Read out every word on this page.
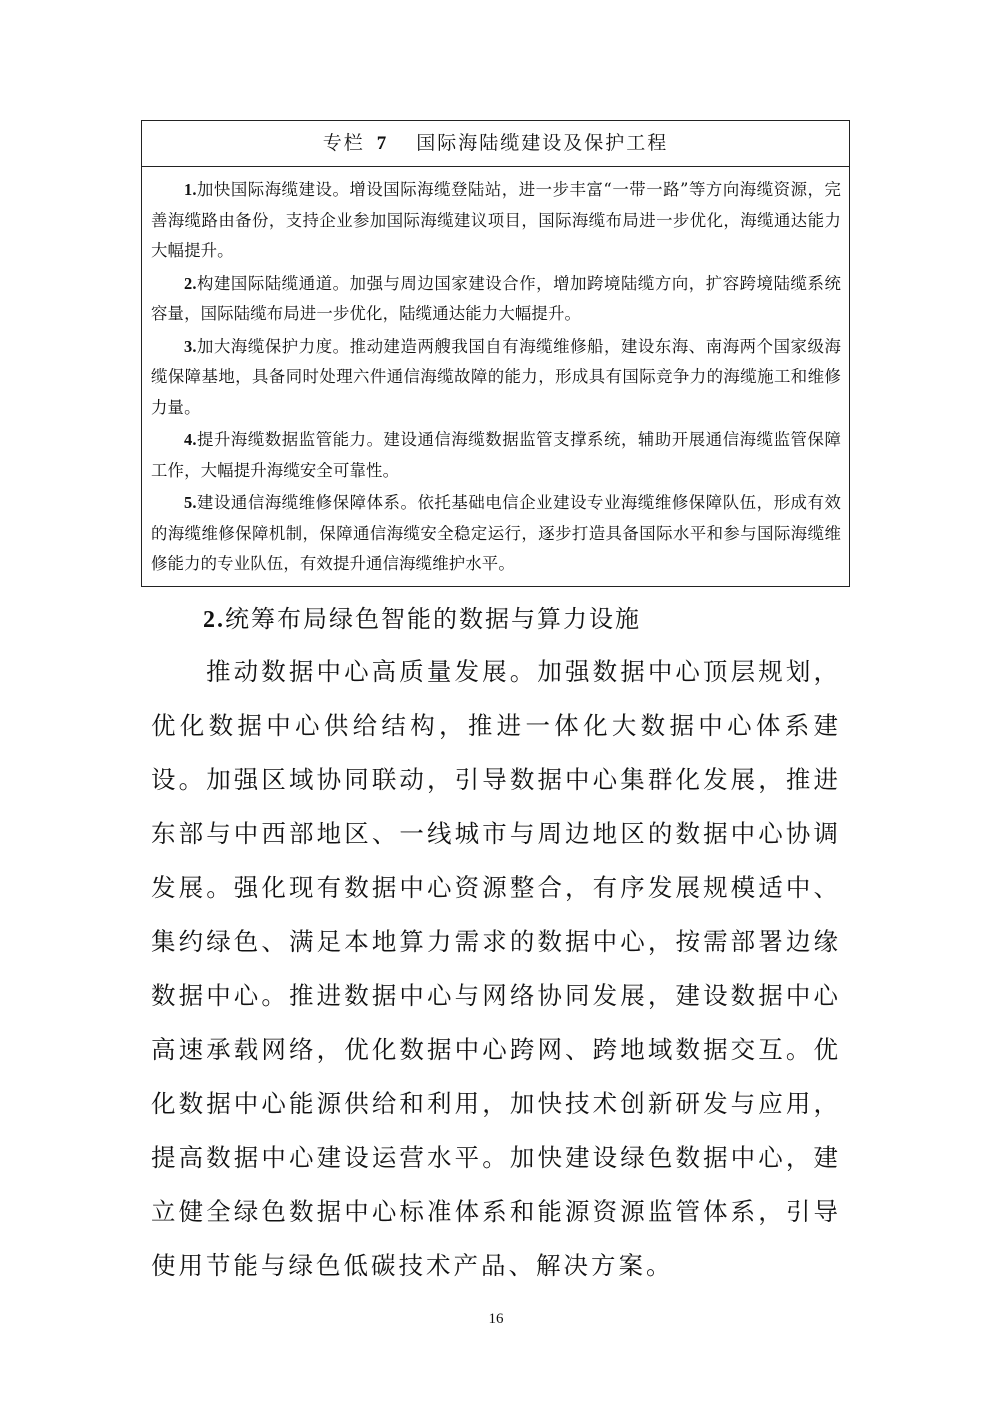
专栏 7 国际海陆缆建设及保护工程

1.加快国际海缆建设。增设国际海缆登陆站，进一步丰富“一带一路”等方向海缆资源，完善海缆路由备份，支持企业参加国际海缆建议项目，国际海缆布局进一步优化，海缆通达能力大幅提升。

2.构建国际陆缆通道。加强与周边国家建设合作，增加跨境陆缆方向，扩容跨境陆缆系统容量，国际陆缆布局进一步优化，陆缆通达能力大幅提升。

3.加大海缆保护力度。推动建造两艘我国自有海缆维修船，建设东海、南海两个国家级海缆保障基地，具备同时处理六件通信海缆故障的能力，形成具有国际竞争力的海缆施工和维修力量。

4.提升海缆数据监管能力。建设通信海缆数据监管支撑系统，辅助开展通信海缆监管保障工作，大幅提升海缆安全可靠性。

5.建设通信海缆维修保障体系。依托基础电信企业建设专业海缆维修保障队伍，形成有效的海缆维修保障机制，保障通信海缆安全稳定运行，逐步打造具备国际水平和参与国际海缆维修能力的专业队伍，有效提升通信海缆维护水平。

2.统筹布局绿色智能的数据与算力设施

推动数据中心高质量发展。加强数据中心顶层规划，优化数据中心供给结构，推进一体化大数据中心体系建设。加强区域协同联动，引导数据中心集群化发展，推进东部与中西部地区、一线城市与周边地区的数据中心协调发展。强化现有数据中心资源整合，有序发展规模适中、集约绿色、满足本地算力需求的数据中心，按需部署边缘数据中心。推进数据中心与网络协同发展，建设数据中心高速承载网络，优化数据中心跨网、跨地域数据交互。优化数据中心能源供给和利用，加快技术创新研发与应用，提高数据中心建设运营水平。加快建设绿色数据中心，建立健全绿色数据中心标准体系和能源资源监管体系，引导使用节能与绿色低碳技术产品、解决方案。

16
